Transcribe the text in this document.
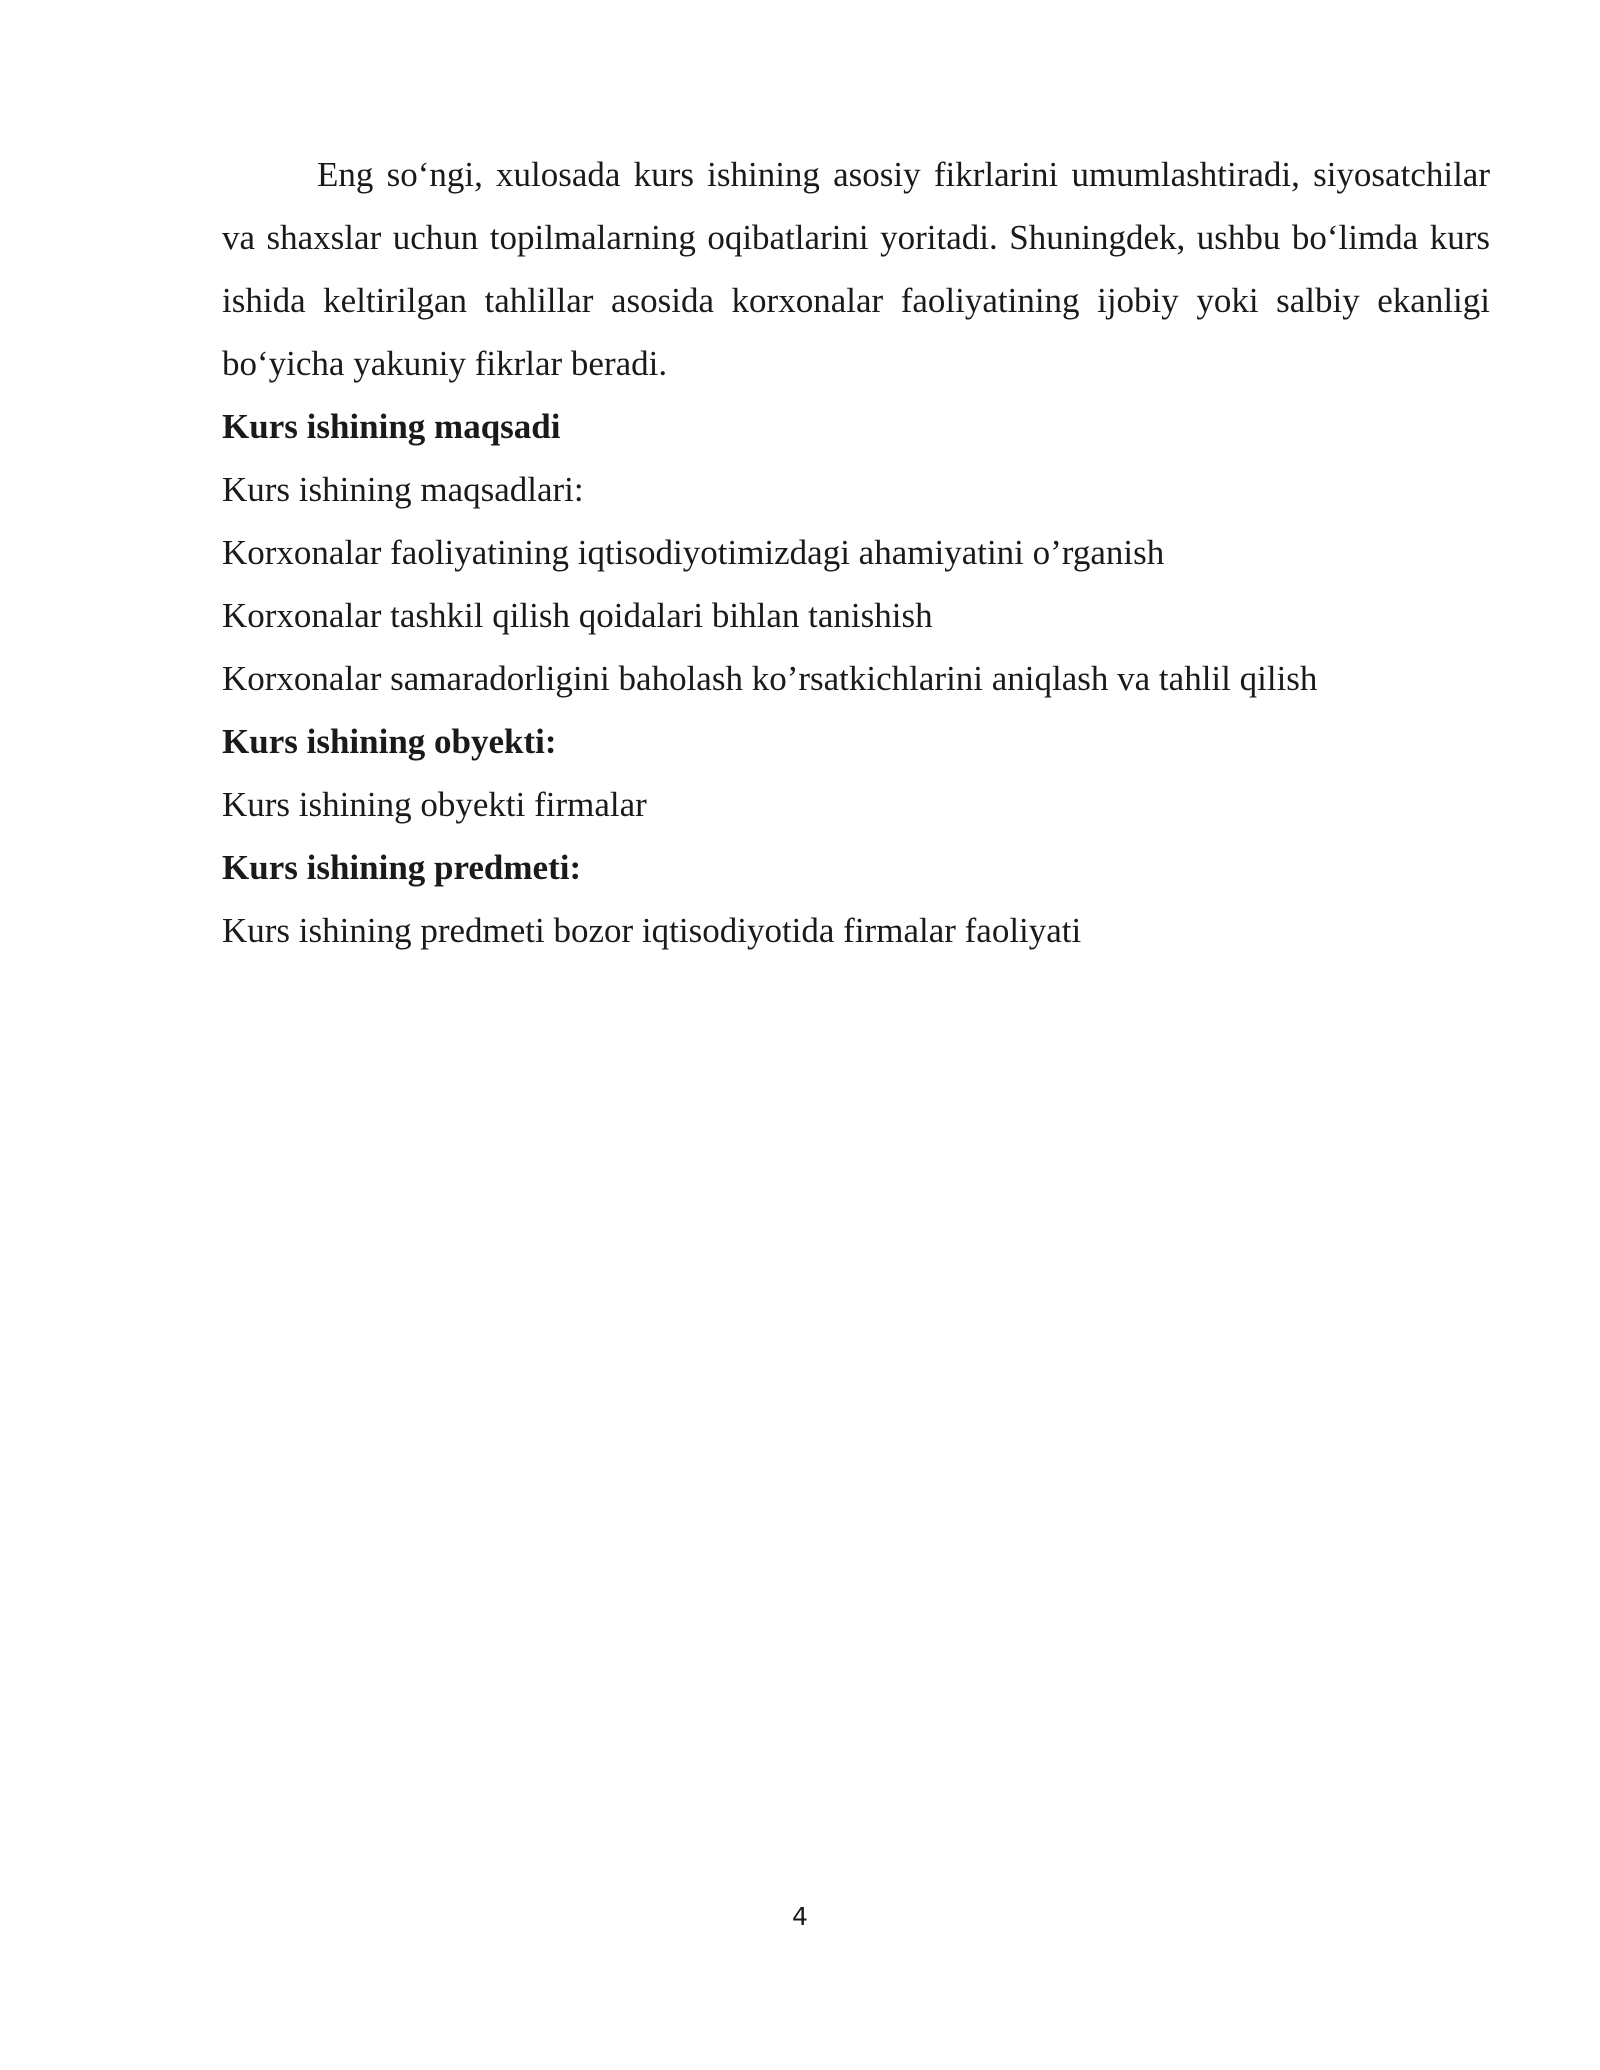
Eng so‘ngi, xulosada kurs ishining asosiy fikrlarini umumlashtiradi, siyosatchilar va shaxslar uchun topilmalarning oqibatlarini yoritadi. Shuningdek, ushbu bo‘limda kurs ishida keltirilgan tahlillar asosida korxonalar faoliyatining ijobiy yoki salbiy ekanligi bo‘yicha yakuniy fikrlar beradi.

Kurs ishining maqsadi

Kurs ishining maqsadlari:

Korxonalar faoliyatining iqtisodiyotimizdagi ahamiyatini o’rganish

Korxonalar tashkil qilish qoidalari bihlan tanishish

Korxonalar samaradorligini baholash ko’rsatkichlarini aniqlash va tahlil qilish

Kurs ishining obyekti:

Kurs ishining obyekti firmalar

Kurs ishining predmeti:

Kurs ishining predmeti bozor iqtisodiyotida firmalar faoliyati

4
